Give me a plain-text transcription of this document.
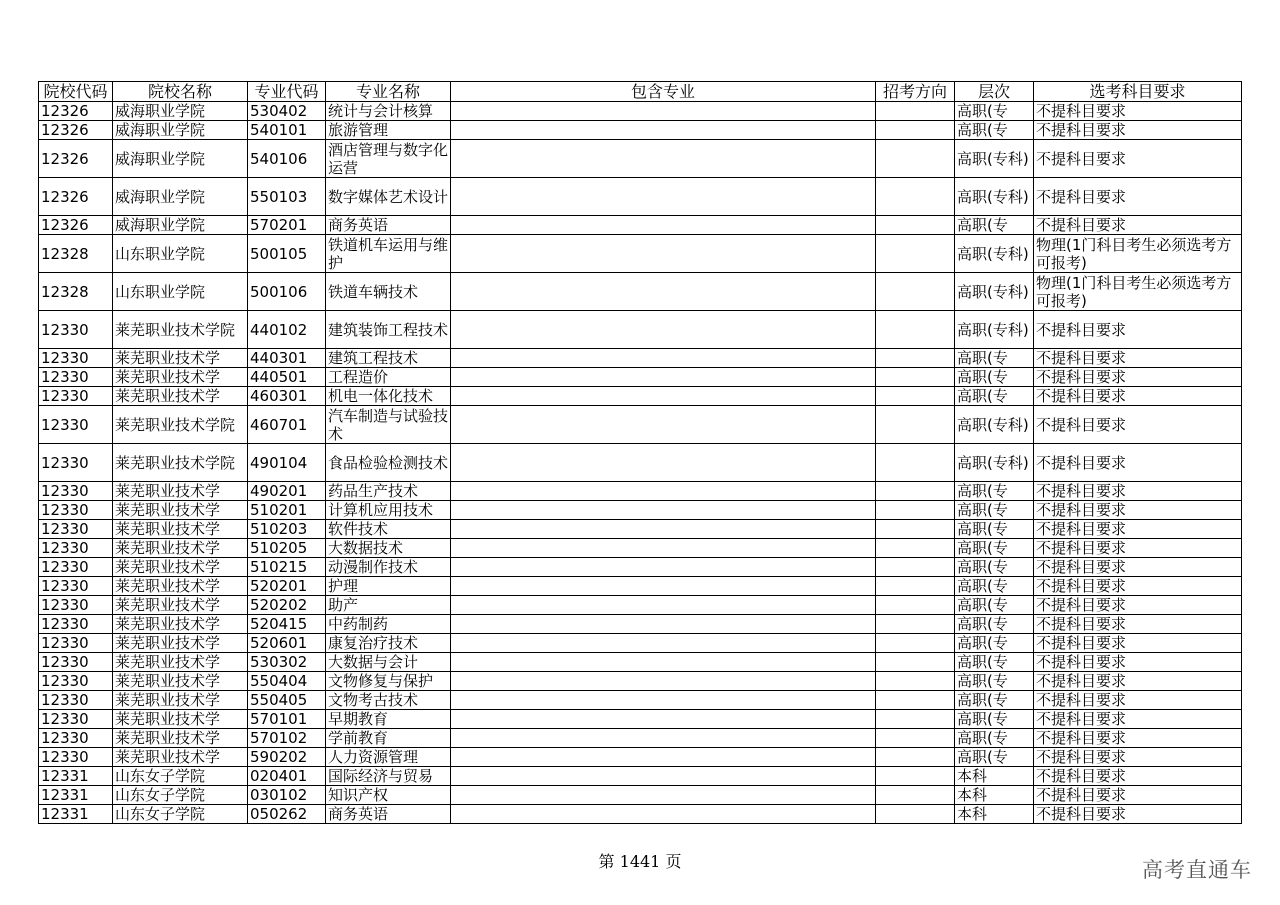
院校代码	院校名称	专业代码	专业名称	包含专业	招考方向	层次	选考科目要求
12326	威海职业学院	530402	统计与会计核算			高职(专	不提科目要求
12326	威海职业学院	540101	旅游管理			高职(专	不提科目要求
12326	威海职业学院	540106	酒店管理与数字化运营			高职(专科)	不提科目要求
12326	威海职业学院	550103	数字媒体艺术设计			高职(专科)	不提科目要求
12326	威海职业学院	570201	商务英语			高职(专	不提科目要求
12328	山东职业学院	500105	铁道机车运用与维护			高职(专科)	物理(1门科目考生必须选考方可报考)
12328	山东职业学院	500106	铁道车辆技术			高职(专科)	物理(1门科目考生必须选考方可报考)
12330	莱芜职业技术学院	440102	建筑装饰工程技术			高职(专科)	不提科目要求
12330	莱芜职业技术学	440301	建筑工程技术			高职(专	不提科目要求
12330	莱芜职业技术学	440501	工程造价			高职(专	不提科目要求
12330	莱芜职业技术学	460301	机电一体化技术			高职(专	不提科目要求
12330	莱芜职业技术学院	460701	汽车制造与试验技术			高职(专科)	不提科目要求
12330	莱芜职业技术学院	490104	食品检验检测技术			高职(专科)	不提科目要求
12330	莱芜职业技术学	490201	药品生产技术			高职(专	不提科目要求
12330	莱芜职业技术学	510201	计算机应用技术			高职(专	不提科目要求
12330	莱芜职业技术学	510203	软件技术			高职(专	不提科目要求
12330	莱芜职业技术学	510205	大数据技术			高职(专	不提科目要求
12330	莱芜职业技术学	510215	动漫制作技术			高职(专	不提科目要求
12330	莱芜职业技术学	520201	护理			高职(专	不提科目要求
12330	莱芜职业技术学	520202	助产			高职(专	不提科目要求
12330	莱芜职业技术学	520415	中药制药			高职(专	不提科目要求
12330	莱芜职业技术学	520601	康复治疗技术			高职(专	不提科目要求
12330	莱芜职业技术学	530302	大数据与会计			高职(专	不提科目要求
12330	莱芜职业技术学	550404	文物修复与保护			高职(专	不提科目要求
12330	莱芜职业技术学	550405	文物考古技术			高职(专	不提科目要求
12330	莱芜职业技术学	570101	早期教育			高职(专	不提科目要求
12330	莱芜职业技术学	570102	学前教育			高职(专	不提科目要求
12330	莱芜职业技术学	590202	人力资源管理			高职(专	不提科目要求
12331	山东女子学院	020401	国际经济与贸易			本科	不提科目要求
12331	山东女子学院	030102	知识产权			本科	不提科目要求
12331	山东女子学院	050262	商务英语			本科	不提科目要求
第 1441 页	高考直通车
